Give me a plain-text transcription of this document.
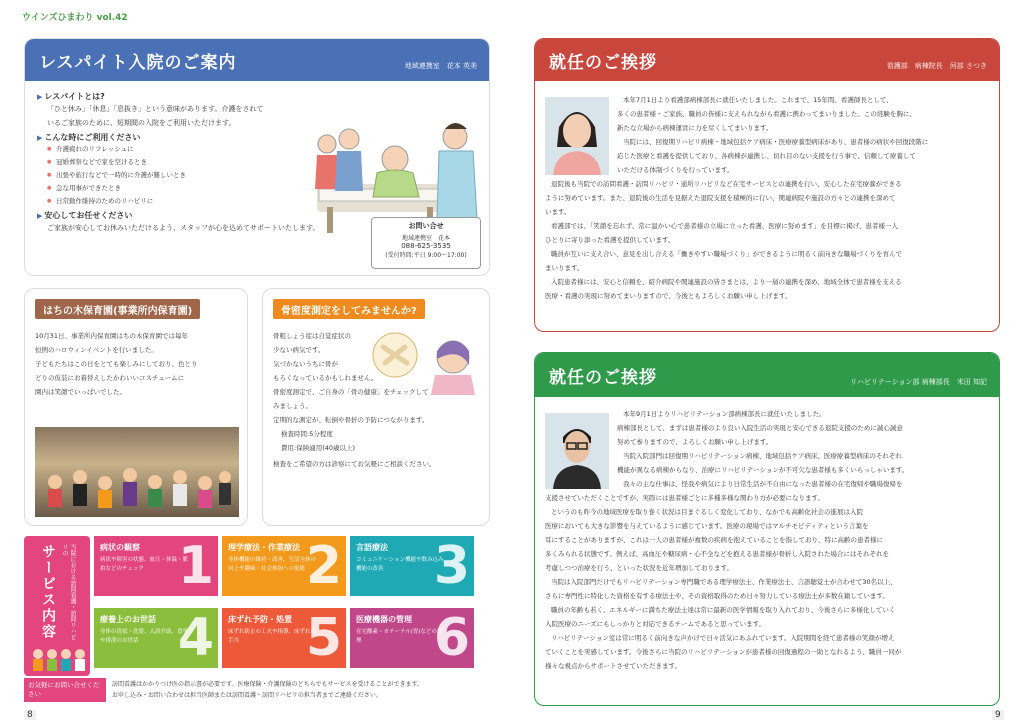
ウインズひまわり vol.42
レスパイト入院のご案内	地域連携室　花本 英美
▶ レスパイトとは?
「ひと休み」「休息」「息抜き」という意味があります。介護をされて
いるご家族のために、短期間の入院をご利用いただけます。
▶ こんな時にご利用ください
● 介護疲れのリフレッシュに
● 冠婚葬祭などで家を空けるとき
● 出張や旅行などで一時的に介護が難しいとき
● 急な用事ができたとき
● 日常動作維持のためのリハビリに
▶ 安心してお任せください
ご家族が安心してお休みいただけるよう、スタッフが心を込めてサポートいたします。	お問い合せ
地域連携室　花本
088-625-3535
(受付時間:平日 9:00〜17:00)
はちの木保育園(事業所内保育園)
10月31日、事業所内保育園はちの木保育園では毎年
恒例のハロウィンイベントを行いました。
子どもたちはこの日をとても楽しみにしており、色とり
どりの仮装にお着替えしたかわいいコスチュームに
園内は笑顔でいっぱいでした。
骨密度測定をしてみませんか?
骨粗しょう症は自覚症状の
少ない病気です。
気づかないうちに骨が
もろくなっているかもしれません。
骨密度測定で、ご自身の「骨の健康」をチェックして
みましょう。
定期的な測定が、転倒や骨折の予防につながります。
検査時間:5分程度
費用:保険適用(40歳以上)
検査をご希望の方は診察にてお気軽にご相談ください。
当院における訪問看護・訪問リハビリの
サービス内容	病状の観察
病状や障害の状態、血圧・体温・脈拍などのチェック 1 理学療法・作業療法
身体機能の維持・改善、生活全体の向上や趣味・社会参加への促進 2 言語療法
コミュニケーション機能や飲み込み機能の改善 3
療養上のお世話
身体の清拭・洗髪、入浴介助、食事や排泄のお世話 4 床ずれ予防・処置
床ずれ防止の工夫や指導、床ずれの手当	5 医療機器の管理
在宅酸素・カテーテル(胃)などの管理	6
お気軽にお問い合せください
訪問看護はかかりつけ医の指示書が必要です。医療保険・介護保険のどちらでもサービスを受けることができます。
お申し込み・お問い合わせは担当医師または訪問看護・訪問リハビリの担当者までご連絡ください。
8
就任のご挨拶	看護部　病棟院長　河部 さつき
本年7月1日より看護部病棟部長に就任いたしました。これまで、15年間、看護師長として、
多くの患者様・ご家族、職員の皆様に支えられながら看護に携わってまいりました。この経験を胸に、
新たな立場から病棟運営に力を尽くしてまいります。
当院には、回復期リハビリ病棟・地域包括ケア病床・医療療養型病床があり、患者様の病状や回復段階に
応じた医療と看護を提供しており、各病棟が連携し、切れ目のない支援を行う事で、信頼して療養して
いただける体制づくりを行っています。
退院後も当院での訪問看護・訪問リハビリ・通所リハビリなど在宅サービスとの連携を行い、安心した在宅療養ができる
ように努めています。また、退院後の生活を見据えた退院支援を積極的に行い、関連病院や施設の方々との連携を深めて
います。
看護部では、「笑顔を忘れず、常に温かい心で患者様の立場に立った看護、医療に努めます」を目標に掲げ、患者様一人
ひとりに寄り添った看護を提供しています。
職員が互いに支え合い、意見を出し合える「働きやすい職場づくり」ができるように明るく前向きな職場づくりを育んで
まいります。
入院患者様には、安心と信頼を、紹介病院や関連施設の皆さまとは、より一層の連携を深め、地域全体で患者様を支える
医療・看護の実現に努めてまいりますので、今後ともよろしくお願い申し上げます。
就任のご挨拶	リハビリテーション部 病棟部長　米田 知記
本年9月1日よりリハビリテーション部病棟部長に就任いたしました。
病棟部長として、まずは患者様のより良い入院生活の実現と安心できる退院支援のために誠心誠意
努めて参りますので、よろしくお願い申し上げます。
当院入院部門は回復期リハビリテーション病棟、地域包括ケア病床、医療療養型病床のそれぞれ
機能が異なる病棟からなり、治療にリハビリテーションが不可欠な患者様も多くいらっしゃいます。
我々の主な仕事は、怪我や病気により日常生活が不自由になった患者様の在宅復帰や職場復帰を
支援させていただくことですが、実際には患者様ごとに多種多様な関わり方が必要になります。
というのも昨今の地域医療を取り巻く状況は目まぐるしく変化しており、なかでも高齢化社会の進展は入院
医療においても大きな影響を与えているように感じています。医療の現場ではマルチモビディティという言葉を
耳にすることがありますが、これは一人の患者様が複数の疾病を抱えていることを指しており、特に高齢の患者様に
多くみられる状態です。例えば、高血圧や糖尿病・心不全などを抱える患者様が骨折し入院された場合にはそれぞれを
考慮しつつ治療を行う、といった状況を近年増加しております。
当院は入院部門だけでもリハビリテーション専門職である理学療法士、作業療法士、言語聴覚士が合わせて30名以上、
さらに専門性に特化した資格を有する療法士や、その資格取得のため日々努力している療法士が多数在籍しています。
職員の年齢も若く、エネルギーに満ちた療法士達は常に最新の医学情報を取り入れており、今後さらに多様化していく
入院医療のニーズにもしっかりと対応できるチームであると思っています。
リハビリテーション室は常に明るく前向きな声かけで日々活気にあふれています。入院期間を経て患者様の笑顔が増え
ていくことを実感しています。今後さらに当院のリハビリテーションが患者様の回復過程の一助となれるよう、職員一同が
様々な視点からサポートさせていただきます。
9
